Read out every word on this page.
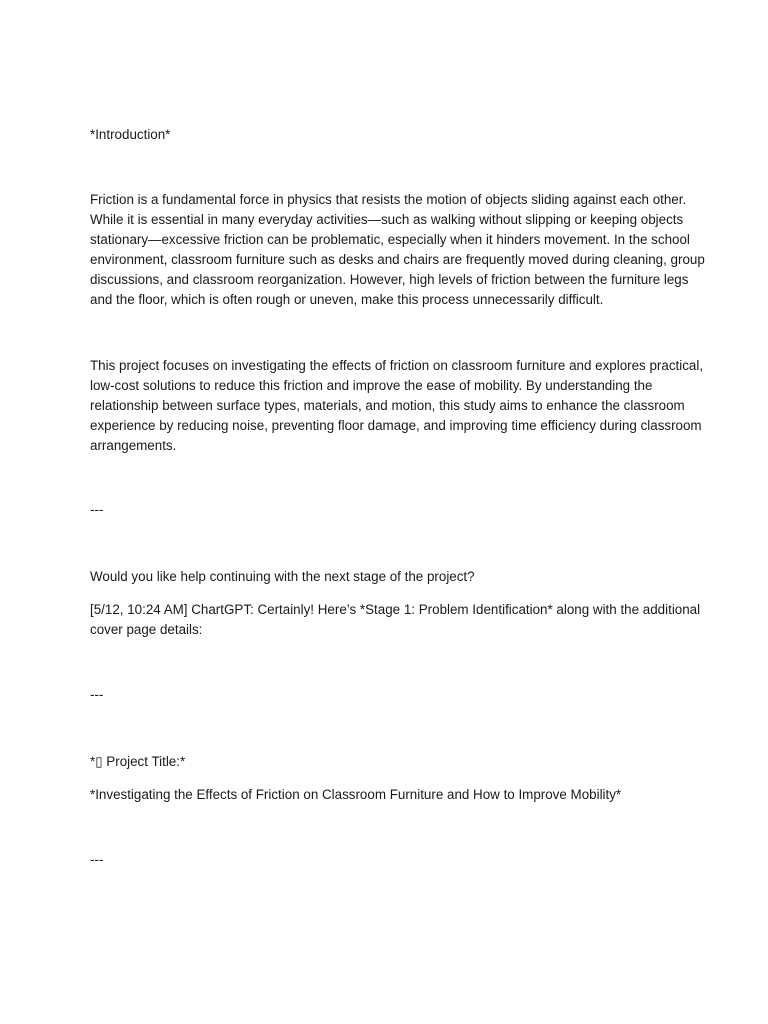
*Introduction*

Friction is a fundamental force in physics that resists the motion of objects sliding against each other.
While it is essential in many everyday activities—such as walking without slipping or keeping objects
stationary—excessive friction can be problematic, especially when it hinders movement. In the school
environment, classroom furniture such as desks and chairs are frequently moved during cleaning, group
discussions, and classroom reorganization. However, high levels of friction between the furniture legs
and the floor, which is often rough or uneven, make this process unnecessarily difficult.
This project focuses on investigating the effects of friction on classroom furniture and explores practical,
low-cost solutions to reduce this friction and improve the ease of mobility. By understanding the
relationship between surface types, materials, and motion, this study aims to enhance the classroom
experience by reducing noise, preventing floor damage, and improving time efficiency during classroom
arrangements.

---

Would you like help continuing with the next stage of the project?

[5/12, 10:24 AM] ChartGPT: Certainly! Here’s *Stage 1: Problem Identification* along with the additional
cover page details:

---

*▯ Project Title:*

*Investigating the Effects of Friction on Classroom Furniture and How to Improve Mobility*

---
